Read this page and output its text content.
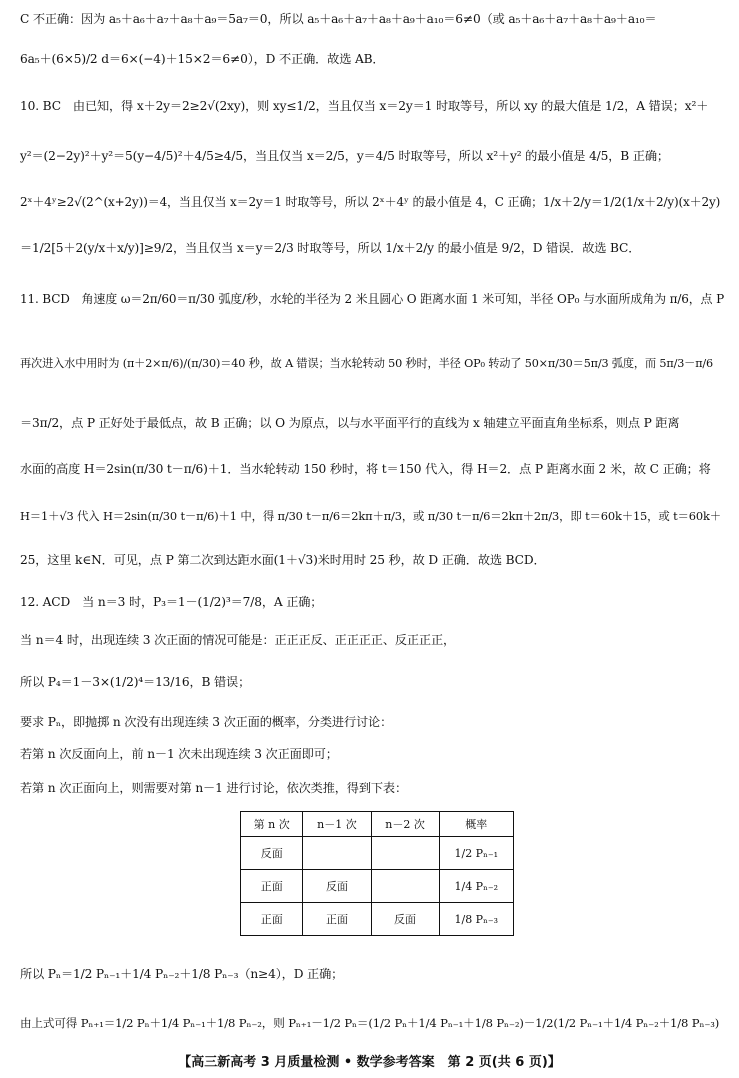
C 不正确：因为 a₅＋a₆＋a₇＋a₈＋a₉＝5a₇＝0，所以 a₅＋a₆＋a₇＋a₈＋a₉＋a₁₀＝6≠0（或 a₅＋a₆＋a₇＋a₈＋a₉＋a₁₀＝
6a₅＋(6×5)/2 d＝6×(−4)＋15×2＝6≠0），D 不正确．故选 AB．
10. BC　由已知，得 x＋2y＝2≥2√(2xy)，则 xy≤1/2，当且仅当 x＝2y＝1 时取等号，所以 xy 的最大值是 1/2，A 错误；x²＋
y²＝(2−2y)²＋y²＝5(y−4/5)²＋4/5≥4/5，当且仅当 x＝2/5，y＝4/5 时取等号，所以 x²＋y² 的最小值是 4/5，B 正确；
2ˣ＋4ʸ≥2√(2^(x+2y))＝4，当且仅当 x＝2y＝1 时取等号，所以 2ˣ＋4ʸ 的最小值是 4，C 正确；1/x＋2/y＝1/2(1/x＋2/y)(x＋2y)
＝1/2[5＋2(y/x＋x/y)]≥9/2，当且仅当 x＝y＝2/3 时取等号，所以 1/x＋2/y 的最小值是 9/2，D 错误．故选 BC．
11. BCD　角速度 ω＝2π/60＝π/30 弧度/秒，水轮的半径为 2 米且圆心 O 距离水面 1 米可知，半径 OP₀ 与水面所成角为 π/6，点 P
再次进入水中用时为 (π＋2×π/6)/(π/30)＝40 秒，故 A 错误；当水轮转动 50 秒时，半径 OP₀ 转动了 50×π/30＝5π/3 弧度，而 5π/3－π/6
＝3π/2，点 P 正好处于最低点，故 B 正确；以 O 为原点，以与水平面平行的直线为 x 轴建立平面直角坐标系，则点 P 距离
水面的高度 H＝2sin(π/30 t－π/6)＋1．当水轮转动 150 秒时，将 t＝150 代入，得 H＝2．点 P 距离水面 2 米，故 C 正确；将
H＝1＋√3 代入 H＝2sin(π/30 t－π/6)＋1 中，得 π/30 t－π/6＝2kπ＋π/3，或 π/30 t－π/6＝2kπ＋2π/3，即 t＝60k＋15，或 t＝60k＋
25，这里 k∈N．可见，点 P 第二次到达距水面(1＋√3)米时用时 25 秒，故 D 正确．故选 BCD．
12. ACD　当 n＝3 时，P₃＝1－(1/2)³＝7/8，A 正确；
当 n＝4 时，出现连续 3 次正面的情况可能是：正正正反、正正正正、反正正正，
所以 P₄＝1－3×(1/2)⁴＝13/16，B 错误；
要求 Pₙ，即抛掷 n 次没有出现连续 3 次正面的概率，分类进行讨论：
若第 n 次反面向上，前 n－1 次未出现连续 3 次正面即可；
若第 n 次正面向上，则需要对第 n－1 进行讨论，依次类推，得到下表：
第 n 次	n－1 次	n－2 次	概率
反面			1/2 Pₙ₋₁
正面	反面		1/4 Pₙ₋₂
正面	正面	反面	1/8 Pₙ₋₃
所以 Pₙ＝1/2 Pₙ₋₁＋1/4 Pₙ₋₂＋1/8 Pₙ₋₃（n≥4），D 正确；
由上式可得 Pₙ₊₁＝1/2 Pₙ＋1/4 Pₙ₋₁＋1/8 Pₙ₋₂，则 Pₙ₊₁－1/2 Pₙ＝(1/2 Pₙ＋1/4 Pₙ₋₁＋1/8 Pₙ₋₂)－1/2(1/2 Pₙ₋₁＋1/4 Pₙ₋₂＋1/8 Pₙ₋₃)
【高三新高考 3 月质量检测 • 数学参考答案　第 2 页(共 6 页)】
